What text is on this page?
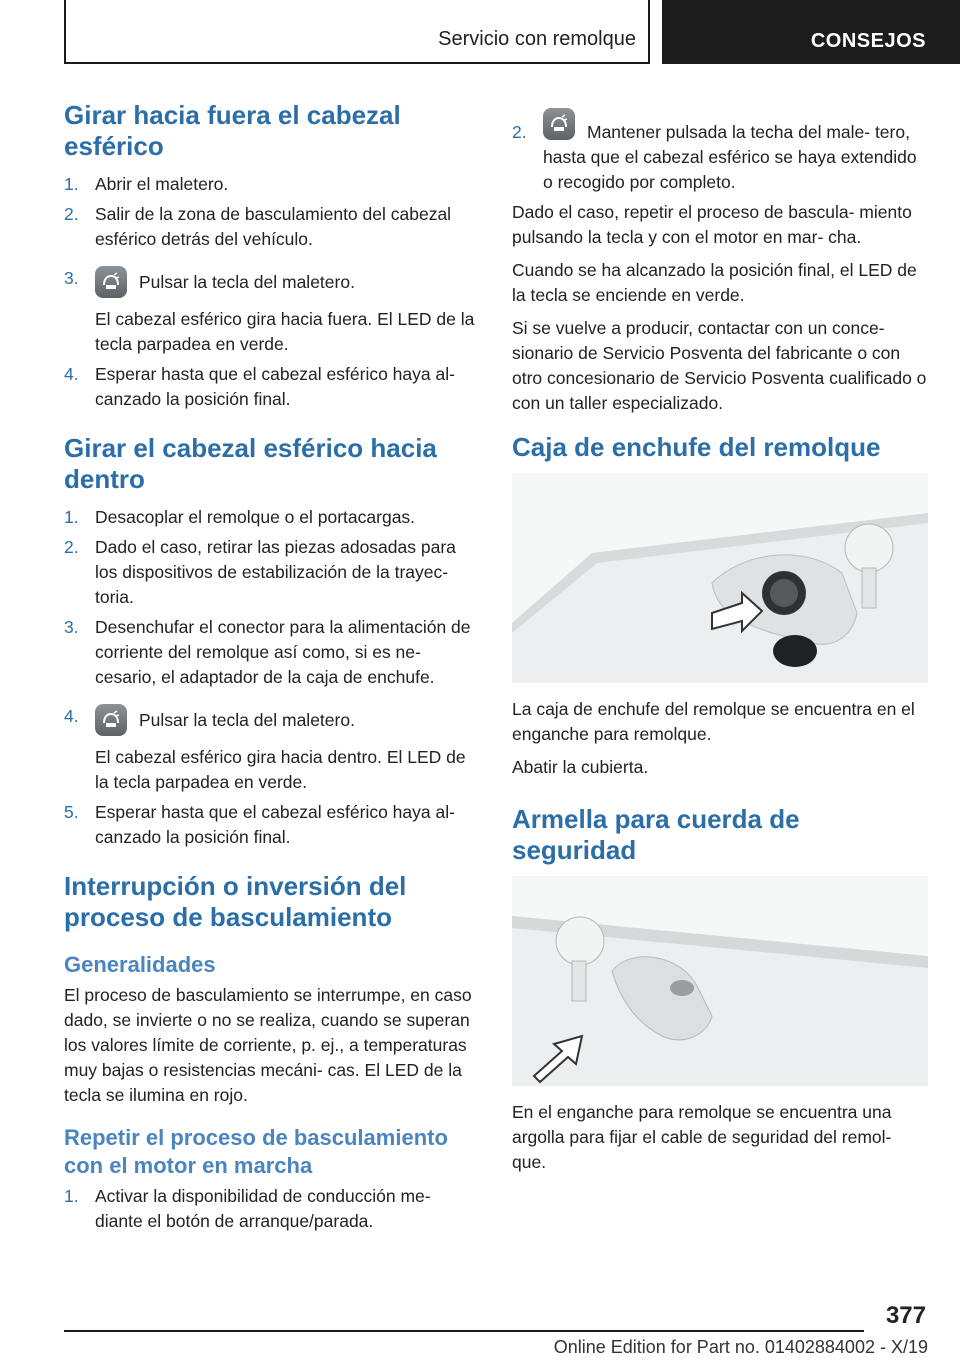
Servicio con remolque	CONSEJOS
Girar hacia fuera el cabezal esférico
1. Abrir el maletero.
2. Salir de la zona de basculamiento del cabezal esférico detrás del vehículo.
3.	Pulsar la tecla del maletero.
El cabezal esférico gira hacia fuera. El LED de la tecla parpadea en verde.
4. Esperar hasta que el cabezal esférico haya al- canzado la posición final.
Girar el cabezal esférico hacia dentro
1. Desacoplar el remolque o el portacargas.
2. Dado el caso, retirar las piezas adosadas para los dispositivos de estabilización de la trayec- toria.
3. Desenchufar el conector para la alimentación de corriente del remolque así como, si es ne- cesario, el adaptador de la caja de enchufe.
4.	Pulsar la tecla del maletero.
El cabezal esférico gira hacia dentro. El LED de la tecla parpadea en verde.
5. Esperar hasta que el cabezal esférico haya al- canzado la posición final.
Interrupción o inversión del proceso de basculamiento
Generalidades

El proceso de basculamiento se interrumpe, en caso dado, se invierte o no se realiza, cuando se superan los valores límite de corriente, p. ej., a temperaturas muy bajas o resistencias mecáni- cas. El LED de la tecla se ilumina en rojo.

Repetir el proceso de basculamiento con el motor en marcha
1. Activar la disponibilidad de conducción me- diante el botón de arranque/parada.
2.	Mantener pulsada la techa del male- tero, hasta que el cabezal esférico se haya extendido o recogido por completo.

Dado el caso, repetir el proceso de bascula- miento pulsando la tecla y con el motor en mar- cha.

Cuando se ha alcanzado la posición final, el LED de la tecla se enciende en verde.

Si se vuelve a producir, contactar con un conce- sionario de Servicio Posventa del fabricante o con otro concesionario de Servicio Posventa cualificado o con un taller especializado.

Caja de enchufe del remolque

La caja de enchufe del remolque se encuentra en el enganche para remolque.

Abatir la cubierta.

Armella para cuerda de seguridad

En el enganche para remolque se encuentra una argolla para fijar el cable de seguridad del remol- que.

377
Online Edition for Part no. 01402884002 - X/19
